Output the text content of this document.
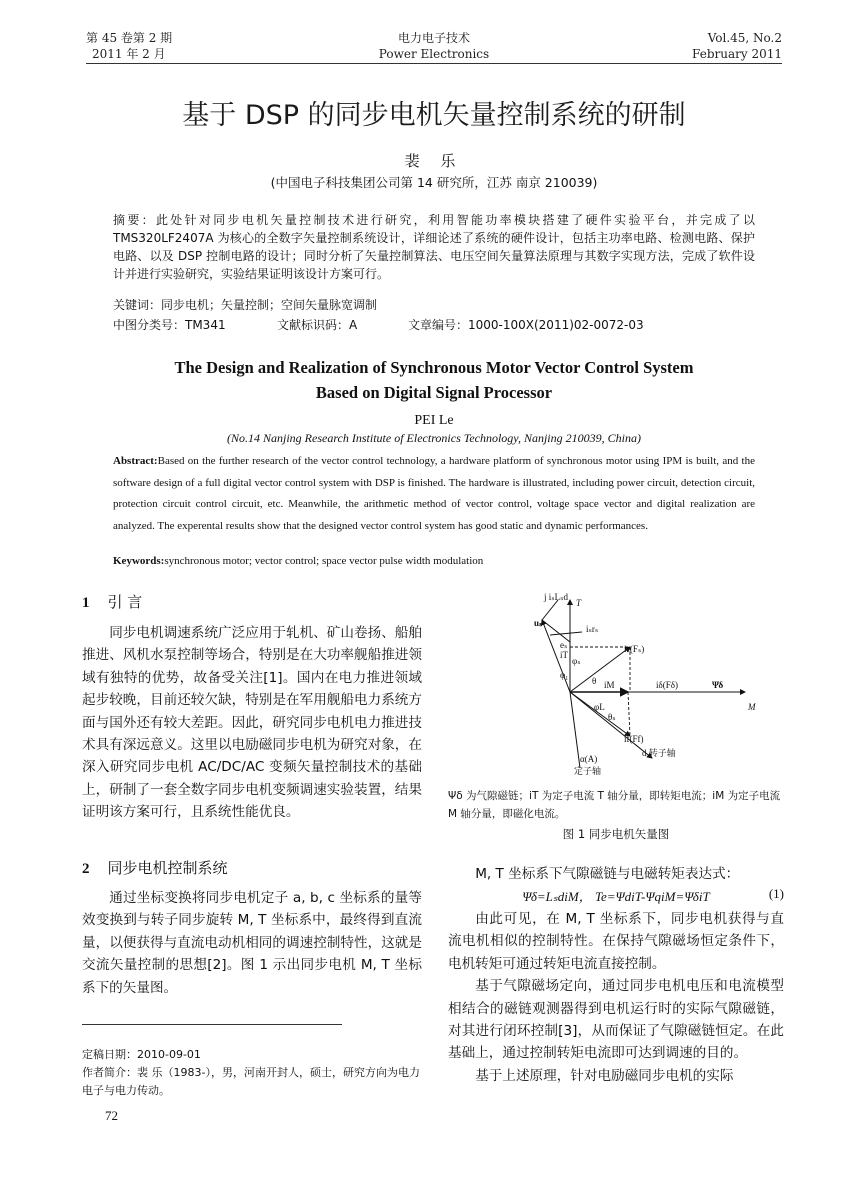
第 45 卷第 2 期
2011 年 2 月
电力电子技术
Power Electronics
Vol.45, No.2
February 2011
基于 DSP 的同步电机矢量控制系统的研制
裴 乐
(中国电子科技集团公司第 14 研究所，江苏 南京 210039)
摘要：此处针对同步电机矢量控制技术进行研究，利用智能功率模块搭建了硬件实验平台，并完成了以 TMS320LF2407A 为核心的全数字矢量控制系统设计，详细论述了系统的硬件设计，包括主功率电路、检测电路、保护电路、以及 DSP 控制电路的设计；同时分析了矢量控制算法、电压空间矢量算法原理与其数字实现方法，完成了软件设计并进行实验研究，实验结果证明该设计方案可行。
关键词：同步电机；矢量控制；空间矢量脉宽调制
中图分类号：TM341	文献标识码：A	文章编号：1000-100X(2011)02-0072-03
The Design and Realization of Synchronous Motor Vector Control System
Based on Digital Signal Processor
PEI Le
(No.14 Nanjing Research Institute of Electronics Technology, Nanjing 210039, China)
Abstract:Based on the further research of the vector control technology, a hardware platform of synchronous motor using IPM is built, and the software design of a full digital vector control system with DSP is finished. The hardware is illustrated, including power circuit, detection circuit, protection circuit control circuit, etc. Meanwhile, the arithmetic method of vector control, voltage space vector and digital realization are analyzed. The experental results show that the designed vector control system has good static and dynamic performances.
Keywords:synchronous motor; vector control; space vector pulse width modulation
1 引 言

同步电机调速系统广泛应用于轧机、矿山卷扬、船舶推进、风机水泵控制等场合，特别是在大功率舰船推进领域有独特的优势，故备受关注[1]。国内在电力推进领域起步较晚，目前还较欠缺，特别是在军用舰船电力系统方面与国外还有较大差距。因此，研究同步电机电力推进技术具有深远意义。这里以电励磁同步电机为研究对象，在深入研究同步电机 AC/DC/AC 变频矢量控制技术的基础上，研制了一套全数字同步电机变频调速实验装置，结果证明该方案可行，且系统性能优良。

2 同步电机控制系统

通过坐标变换将同步电机定子 a, b, c 坐标系的量等效变换到与转子同步旋转 M, T 坐标系中，最终得到直流量，以便获得与直流电动机相同的调速控制特性，这就是交流矢量控制的思想[2]。图 1 示出同步电机 M, T 坐标系下的矢量图。

定稿日期：2010-09-01
作者简介：裴 乐（1983-），男，河南开封人，硕士，研究方向为电力电子与电力传动。
72
j iₛLₛd
T
M
uₛ
iₛrₛ
eₛ
iT
φₛ
φ₁
θ
iₛ(Fₛ)
iM	iδ(Fδ)	Ψδ
φL
θₛ
if(Ff)
d 转子轴
α(A)
定子轴
Ψδ 为气隙磁链；iT 为定子电流 T 轴分量，即转矩电流；iM 为定子电流 M 轴分量，即磁化电流。
图 1 同步电机矢量图

M, T 坐标系下气隙磁链与电磁转矩表达式：

Ψδ=LₛdiM， Te=ΨdiT-ΨqiM=ΨδiT	(1)

由此可见，在 M, T 坐标系下，同步电机获得与直流电机相似的控制特性。在保持气隙磁场恒定条件下，电机转矩可通过转矩电流直接控制。

基于气隙磁场定向，通过同步电机电压和电流模型相结合的磁链观测器得到电机运行时的实际气隙磁链，对其进行闭环控制[3]，从而保证了气隙磁链恒定。在此基础上，通过控制转矩电流即可达到调速的目的。

基于上述原理，针对电励磁同步电机的实际
